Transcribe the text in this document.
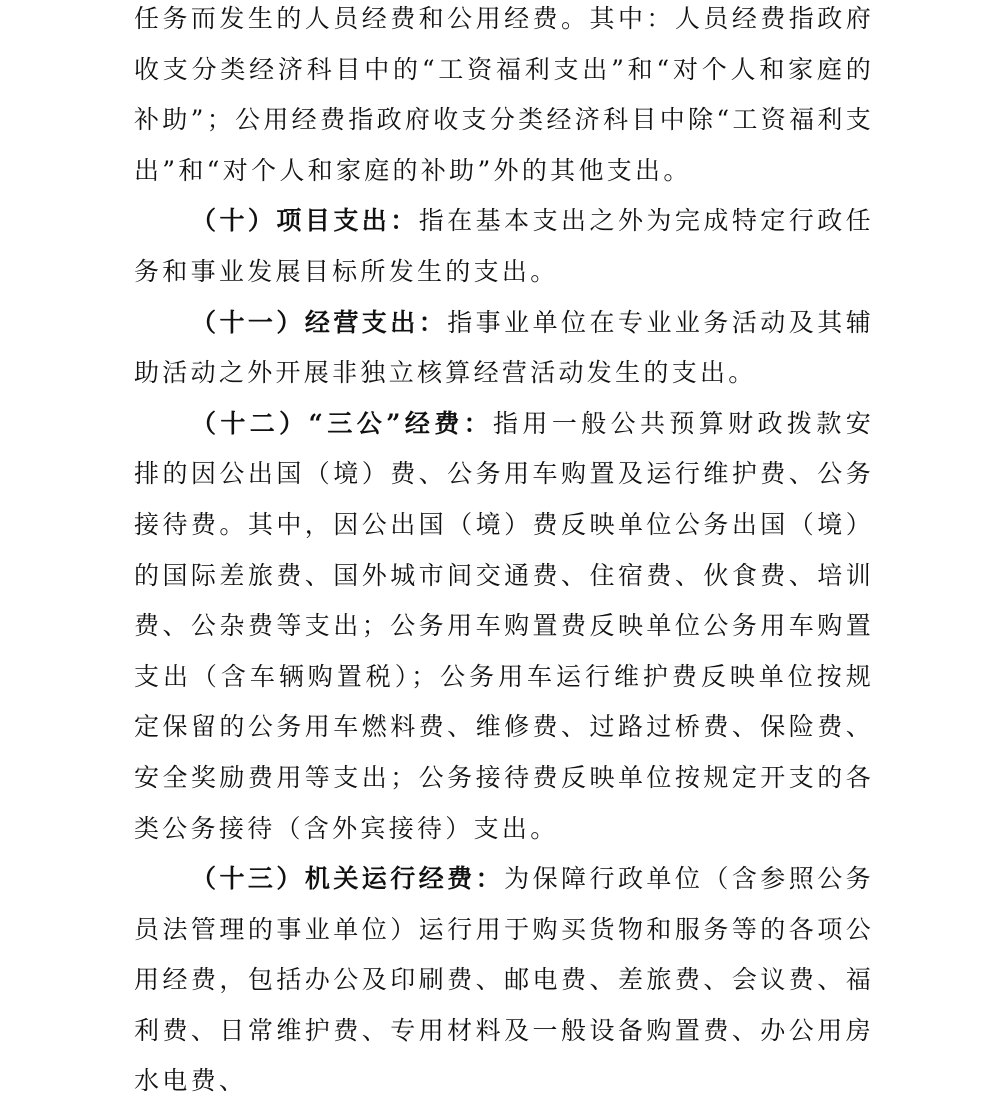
任务而发生的人员经费和公用经费。其中：人员经费指政府收支分类经济科目中的“工资福利支出”和“对个人和家庭的补助”；公用经费指政府收支分类经济科目中除“工资福利支出”和“对个人和家庭的补助”外的其他支出。

（十）项目支出：指在基本支出之外为完成特定行政任务和事业发展目标所发生的支出。

（十一）经营支出：指事业单位在专业业务活动及其辅助活动之外开展非独立核算经营活动发生的支出。

（十二）“三公”经费：指用一般公共预算财政拨款安排的因公出国（境）费、公务用车购置及运行维护费、公务接待费。其中，因公出国（境）费反映单位公务出国（境）的国际差旅费、国外城市间交通费、住宿费、伙食费、培训费、公杂费等支出；公务用车购置费反映单位公务用车购置支出（含车辆购置税）；公务用车运行维护费反映单位按规定保留的公务用车燃料费、维修费、过路过桥费、保险费、安全奖励费用等支出；公务接待费反映单位按规定开支的各类公务接待（含外宾接待）支出。

（十三）机关运行经费：为保障行政单位（含参照公务员法管理的事业单位）运行用于购买货物和服务等的各项公用经费，包括办公及印刷费、邮电费、差旅费、会议费、福利费、日常维护费、专用材料及一般设备购置费、办公用房水电费、
